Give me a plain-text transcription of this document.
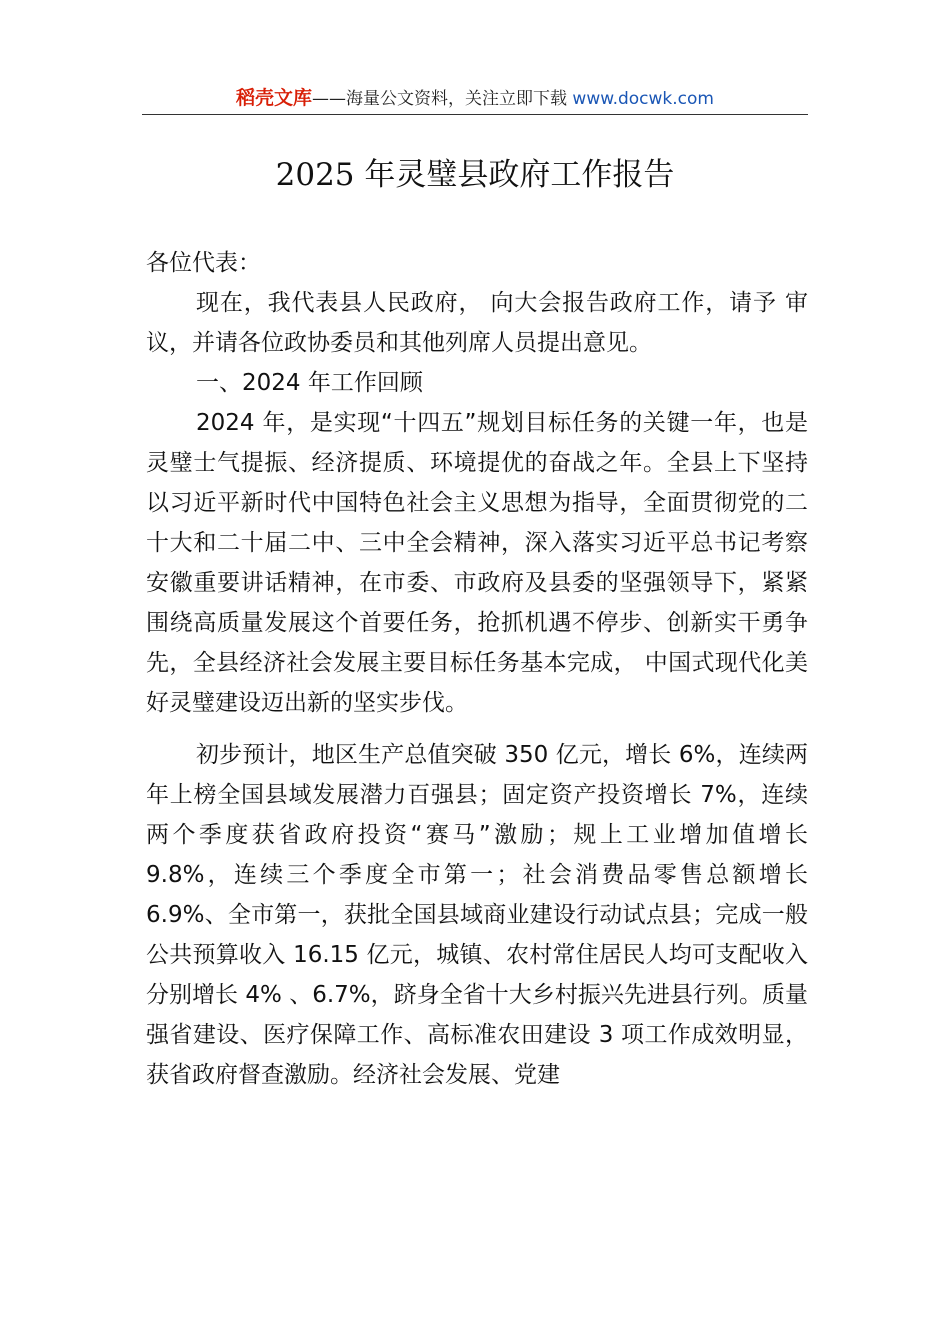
稻壳文库——海量公文资料，关注立即下载 www.docwk.com
2025 年灵璧县政府工作报告

各位代表：

现在，我代表县人民政府， 向大会报告政府工作，请予 审议，并请各位政协委员和其他列席人员提出意见。

一、2024 年工作回顾

2024 年，是实现“十四五”规划目标任务的关键一年，也是灵璧士气提振、经济提质、环境提优的奋战之年。全县上下坚持以习近平新时代中国特色社会主义思想为指导，全面贯彻党的二十大和二十届二中、三中全会精神，深入落实习近平总书记考察安徽重要讲话精神，在市委、市政府及县委的坚强领导下，紧紧围绕高质量发展这个首要任务，抢抓机遇不停步、创新实干勇争先，全县经济社会发展主要目标任务基本完成， 中国式现代化美好灵璧建设迈出新的坚实步伐。

初步预计，地区生产总值突破 350 亿元，增长 6%，连续两年上榜全国县域发展潜力百强县；固定资产投资增长 7%，连续两个季度获省政府投资“赛马”激励；规上工业增加值增长 9.8%，连续三个季度全市第一；社会消费品零售总额增长 6.9%、全市第一，获批全国县域商业建设行动试点县；完成一般公共预算收入 16.15 亿元，城镇、农村常住居民人均可支配收入分别增长 4% 、6.7%，跻身全省十大乡村振兴先进县行列。质量强省建设、医疗保障工作、高标准农田建设 3 项工作成效明显，获省政府督查激励。经济社会发展、党建
